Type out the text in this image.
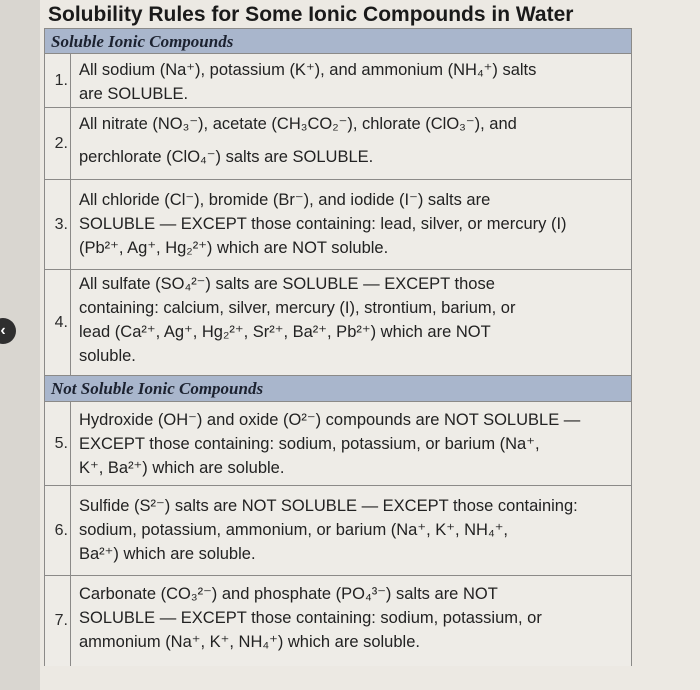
‹
Solubility Rules for Some Ionic Compounds in Water
Soluble Ionic Compounds
1.
All sodium (Na⁺), potassium (K⁺), and ammonium (NH₄⁺) salts
are SOLUBLE.
2.
All nitrate (NO₃⁻), acetate (CH₃CO₂⁻), chlorate (ClO₃⁻), and
perchlorate (ClO₄⁻) salts are SOLUBLE.
3.
All chloride (Cl⁻), bromide (Br⁻), and iodide (I⁻) salts are
SOLUBLE — EXCEPT those containing: lead, silver, or mercury (I)
(Pb²⁺, Ag⁺, Hg₂²⁺) which are NOT soluble.
4.
All sulfate (SO₄²⁻) salts are SOLUBLE — EXCEPT those
containing: calcium, silver, mercury (I), strontium, barium, or
lead (Ca²⁺, Ag⁺, Hg₂²⁺, Sr²⁺, Ba²⁺, Pb²⁺) which are NOT
soluble.
Not Soluble Ionic Compounds
5.
Hydroxide (OH⁻) and oxide (O²⁻) compounds are NOT SOLUBLE —
EXCEPT those containing: sodium, potassium, or barium (Na⁺,
K⁺, Ba²⁺) which are soluble.
6.
Sulfide (S²⁻) salts are NOT SOLUBLE — EXCEPT those containing:
sodium, potassium, ammonium, or barium (Na⁺, K⁺, NH₄⁺,
Ba²⁺) which are soluble.
7.
Carbonate (CO₃²⁻) and phosphate (PO₄³⁻) salts are NOT
SOLUBLE — EXCEPT those containing: sodium, potassium, or
ammonium (Na⁺, K⁺, NH₄⁺) which are soluble.
